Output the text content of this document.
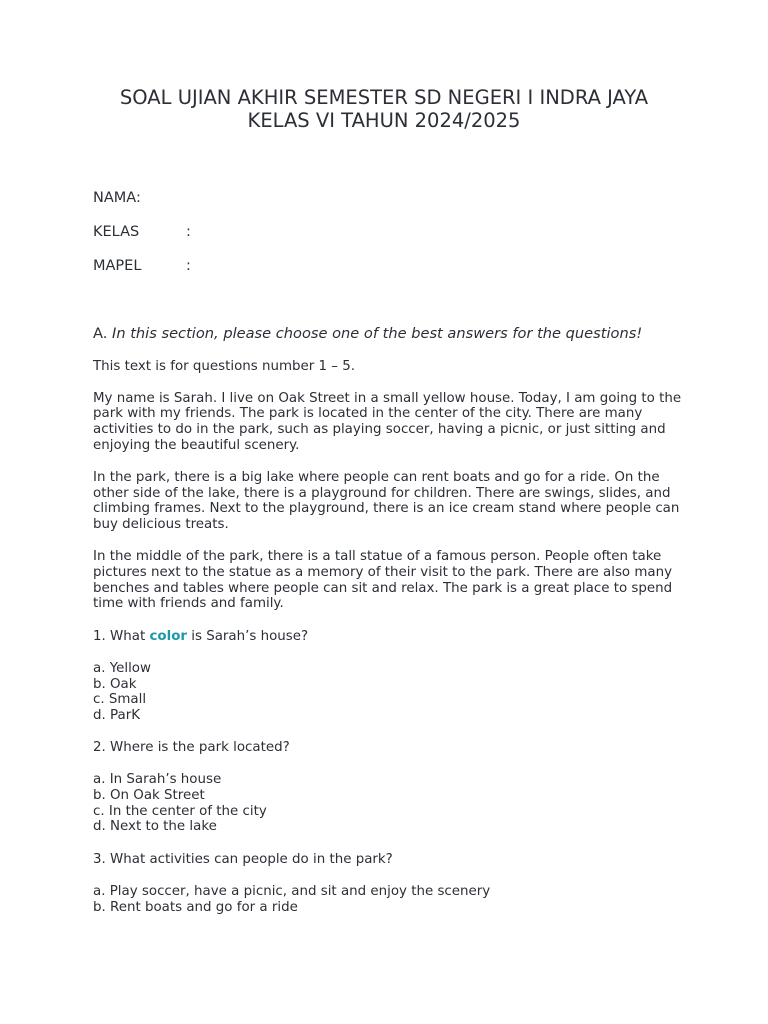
SOAL UJIAN AKHIR SEMESTER SD NEGERI I INDRA JAYA
KELAS VI TAHUN 2024/2025
NAMA:
KELAS	:
MAPEL	:

A. In this section, please choose one of the best answers for the questions!

This text is for questions number 1 – 5.

My name is Sarah. I live on Oak Street in a small yellow house. Today, I am going to the park with my friends. The park is located in the center of the city. There are many activities to do in the park, such as playing soccer, having a picnic, or just sitting and enjoying the beautiful scenery.

In the park, there is a big lake where people can rent boats and go for a ride. On the other side of the lake, there is a playground for children. There are swings, slides, and climbing frames. Next to the playground, there is an ice cream stand where people can buy delicious treats.

In the middle of the park, there is a tall statue of a famous person. People often take pictures next to the statue as a memory of their visit to the park. There are also many benches and tables where people can sit and relax. The park is a great place to spend time with friends and family.

1. What color is Sarah’s house?

a. Yellow
b. Oak
c. Small
d. ParK

2. Where is the park located?

a. In Sarah’s house
b. On Oak Street
c. In the center of the city
d. Next to the lake

3. What activities can people do in the park?

a. Play soccer, have a picnic, and sit and enjoy the scenery
b. Rent boats and go for a ride
